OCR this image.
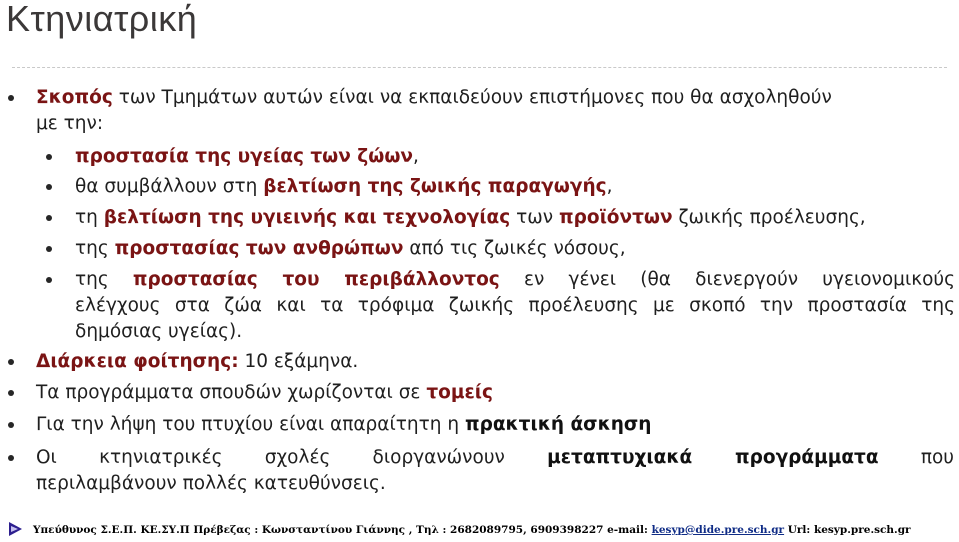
Κτηνιατρική
Σκοπός των Τμημάτων αυτών είναι να εκπαιδεύουν επιστήμονες που θα ασχοληθούν
με την:
προστασία της υγείας των ζώων,
θα συμβάλλουν στη βελτίωση της ζωικής παραγωγής,
τη βελτίωση της υγιεινής και τεχνολογίας των προϊόντων ζωικής προέλευσης,
της προστασίας των ανθρώπων από τις ζωικές νόσους,
της προστασίας του περιβάλλοντος εν γένει (θα διενεργούν υγειονομικούς
ελέγχους στα ζώα και τα τρόφιμα ζωικής προέλευσης με σκοπό την προστασία της
δημόσιας υγείας).
Διάρκεια φοίτησης: 10 εξάμηνα.
Τα προγράμματα σπουδών χωρίζονται σε τομείς
Για την λήψη του πτυχίου είναι απαραίτητη η πρακτική άσκηση
Οι κτηνιατρικές σχολές διοργανώνουν μεταπτυχιακά προγράμματα που
περιλαμβάνουν πολλές κατευθύνσεις.
Υπεύθυνος Σ.Ε.Π. ΚΕ.ΣΥ.Π Πρέβεζας : Κωνσταντίνου Γιάννης , Τηλ : 2682089795, 6909398227 e-mail: kesyp@dide.pre.sch.gr Url: kesyp.pre.sch.gr
